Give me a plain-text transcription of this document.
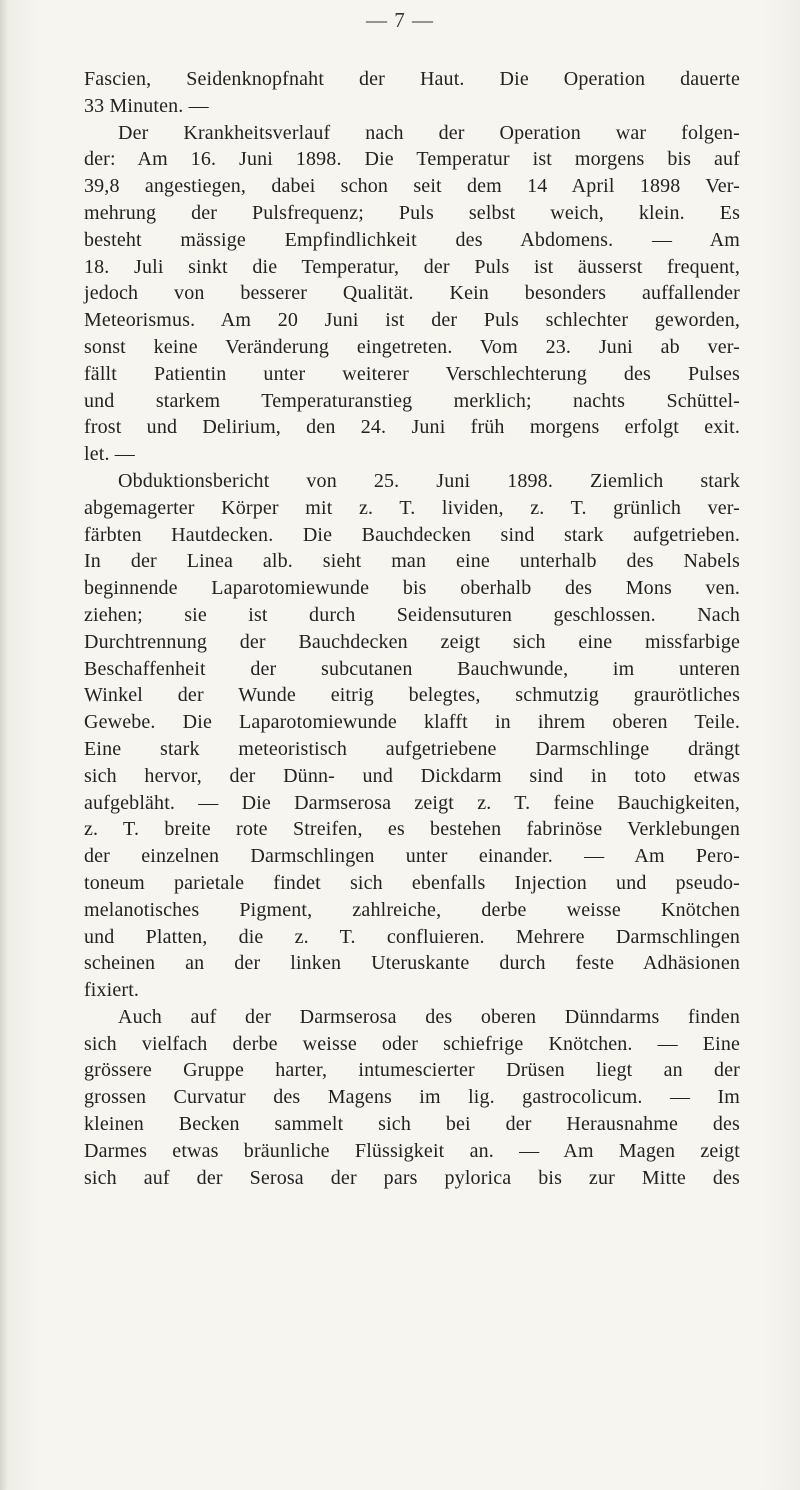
— 7 —
Fascien, Seidenknopfnaht der Haut. Die Operation dauerte
33 Minuten. —
Der Krankheitsverlauf nach der Operation war folgen-
der: Am 16. Juni 1898. Die Temperatur ist morgens bis auf
39,8 angestiegen, dabei schon seit dem 14 April 1898 Ver-
mehrung der Pulsfrequenz; Puls selbst weich, klein. Es
besteht mässige Empfindlichkeit des Abdomens. — Am
18. Juli sinkt die Temperatur, der Puls ist äusserst frequent,
jedoch von besserer Qualität. Kein besonders auffallender
Meteorismus. Am 20 Juni ist der Puls schlechter geworden,
sonst keine Veränderung eingetreten. Vom 23. Juni ab ver-
fällt Patientin unter weiterer Verschlechterung des Pulses
und starkem Temperaturanstieg merklich; nachts Schüttel-
frost und Delirium, den 24. Juni früh morgens erfolgt exit.
let. —
Obduktionsbericht von 25. Juni 1898. Ziemlich stark
abgemagerter Körper mit z. T. lividen, z. T. grünlich ver-
färbten Hautdecken. Die Bauchdecken sind stark aufgetrieben.
In der Linea alb. sieht man eine unterhalb des Nabels
beginnende Laparotomiewunde bis oberhalb des Mons ven.
ziehen; sie ist durch Seidensuturen geschlossen. Nach
Durchtrennung der Bauchdecken zeigt sich eine missfarbige
Beschaffenheit der subcutanen Bauchwunde, im unteren
Winkel der Wunde eitrig belegtes, schmutzig graurötliches
Gewebe. Die Laparotomiewunde klafft in ihrem oberen Teile.
Eine stark meteoristisch aufgetriebene Darmschlinge drängt
sich hervor, der Dünn- und Dickdarm sind in toto etwas
aufgebläht. — Die Darmserosa zeigt z. T. feine Bauchigkeiten,
z. T. breite rote Streifen, es bestehen fabrinöse Verklebungen
der einzelnen Darmschlingen unter einander. — Am Pero-
toneum parietale findet sich ebenfalls Injection und pseudo-
melanotisches Pigment, zahlreiche, derbe weisse Knötchen
und Platten, die z. T. confluieren. Mehrere Darmschlingen
scheinen an der linken Uteruskante durch feste Adhäsionen
fixiert.
Auch auf der Darmserosa des oberen Dünndarms finden
sich vielfach derbe weisse oder schiefrige Knötchen. — Eine
grössere Gruppe harter, intumescierter Drüsen liegt an der
grossen Curvatur des Magens im lig. gastrocolicum. — Im
kleinen Becken sammelt sich bei der Herausnahme des
Darmes etwas bräunliche Flüssigkeit an. — Am Magen zeigt
sich auf der Serosa der pars pylorica bis zur Mitte des
